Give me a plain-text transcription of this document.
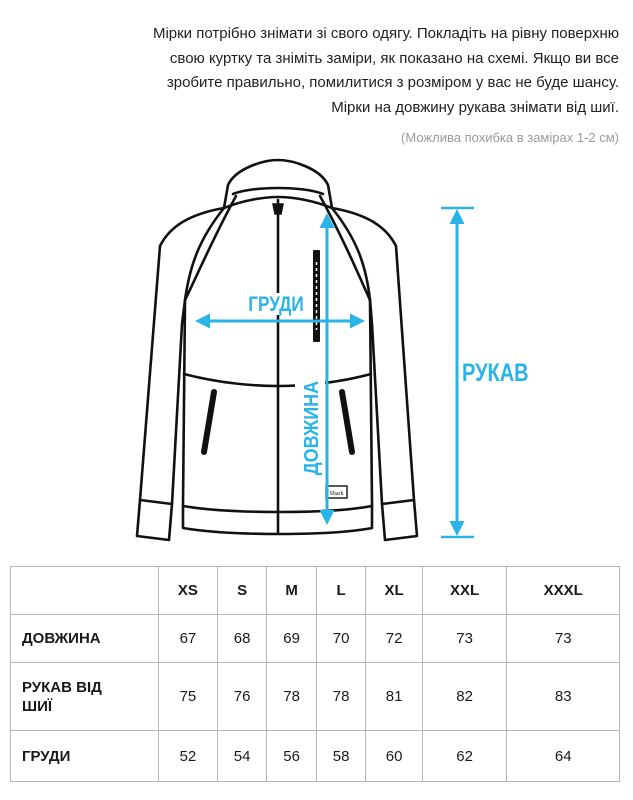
Мірки потрібно знімати зі свого одягу. Покладіть на рівну поверхню
свою куртку та зніміть заміри, як показано на схемі. Якщо ви все
зробите правильно, помилитися з розміром у вас не буде шансу.
Мірки на довжину рукава знімати від шиї.
(Можлива похибка в замірах 1-2 см)
Shark
ГРУДИ
ДОВЖИНА
РУКАВ
	XS	S	M	L	XL	XXL	XXXL
ДОВЖИНА	67	68	69	70	72	73	73
РУКАВ ВІД ШИЇ	75	76	78	78	81	82	83
ГРУДИ	52	54	56	58	60	62	64
